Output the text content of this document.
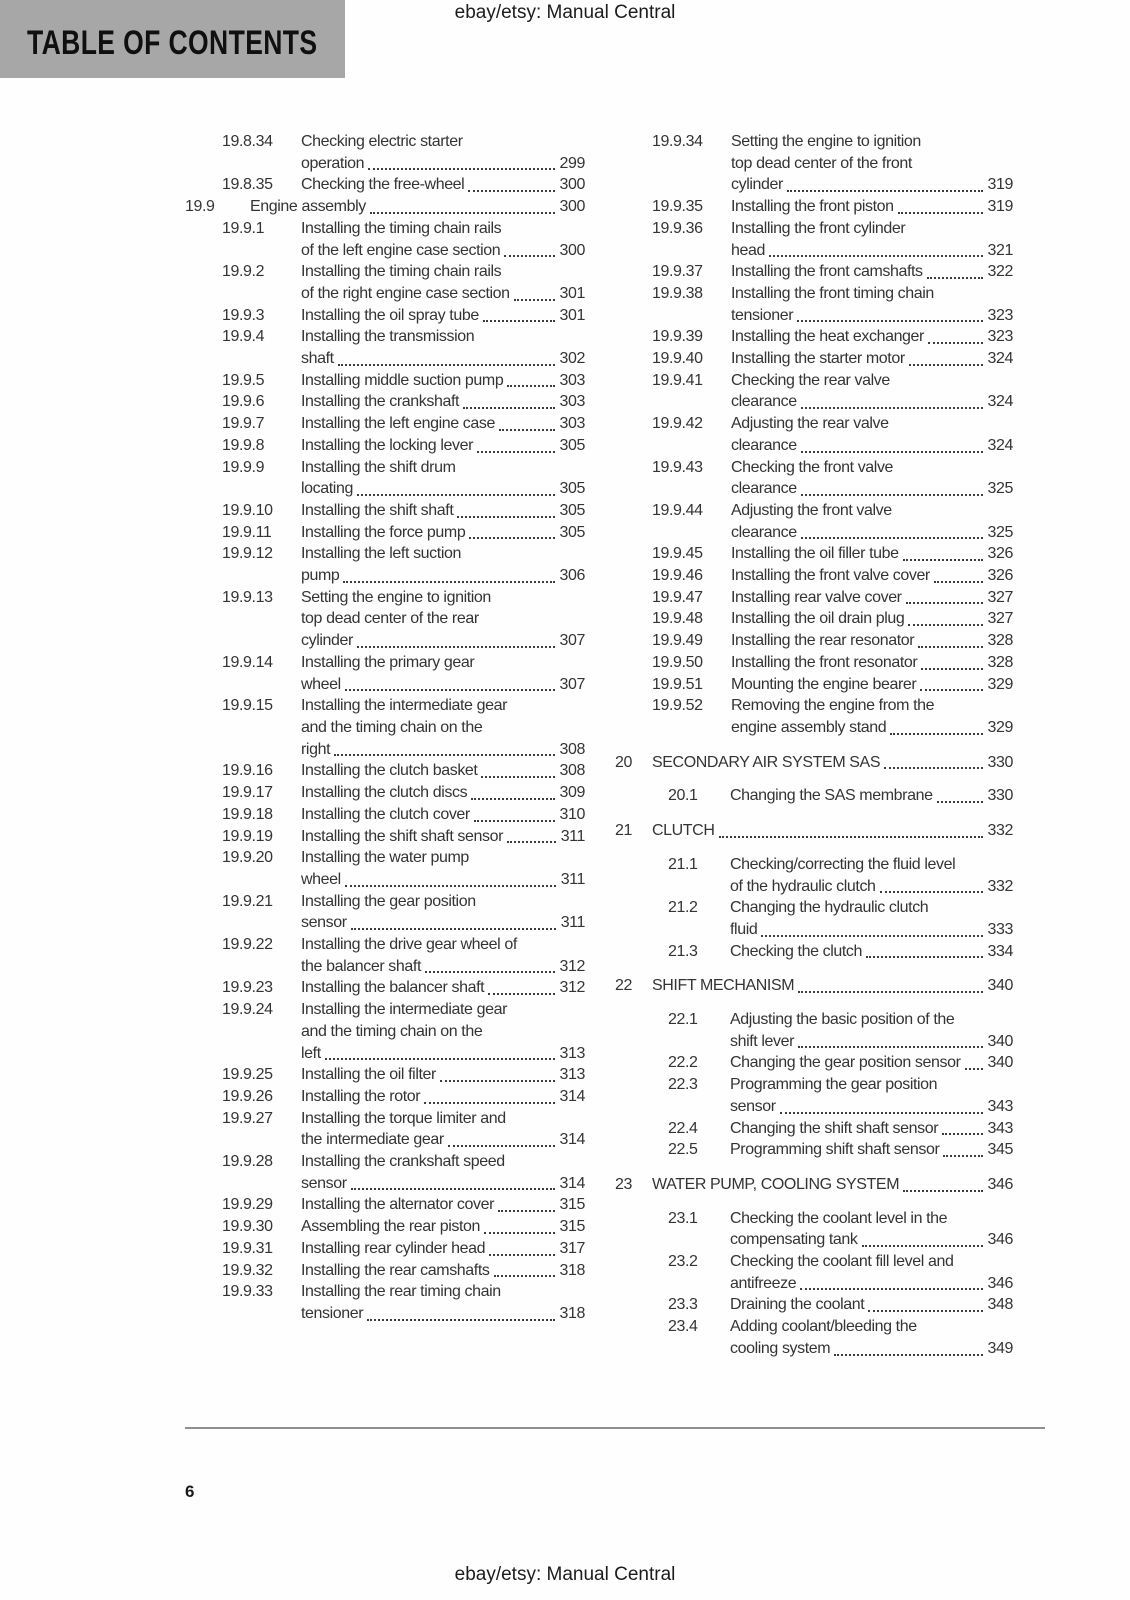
ebay/etsy: Manual Central
TABLE OF CONTENTS
19.8.34	Checking electric starter
operation	299
19.8.35	Checking the free-wheel	300
19.9	Engine assembly	300
19.9.1	Installing the timing chain rails
of the left engine case section	300
19.9.2	Installing the timing chain rails
of the right engine case section	301
19.9.3	Installing the oil spray tube	301
19.9.4	Installing the transmission
shaft	302
19.9.5	Installing middle suction pump	303
19.9.6	Installing the crankshaft	303
19.9.7	Installing the left engine case	303
19.9.8	Installing the locking lever	305
19.9.9	Installing the shift drum
locating	305
19.9.10	Installing the shift shaft	305
19.9.11	Installing the force pump	305
19.9.12	Installing the left suction
pump	306
19.9.13	Setting the engine to ignition
top dead center of the rear
cylinder	307
19.9.14	Installing the primary gear
wheel	307
19.9.15	Installing the intermediate gear
and the timing chain on the
right	308
19.9.16	Installing the clutch basket	308
19.9.17	Installing the clutch discs	309
19.9.18	Installing the clutch cover	310
19.9.19	Installing the shift shaft sensor	311
19.9.20	Installing the water pump
wheel	311
19.9.21	Installing the gear position
sensor	311
19.9.22	Installing the drive gear wheel of
the balancer shaft	312
19.9.23	Installing the balancer shaft	312
19.9.24	Installing the intermediate gear
and the timing chain on the
left	313
19.9.25	Installing the oil filter	313
19.9.26	Installing the rotor	314
19.9.27	Installing the torque limiter and
the intermediate gear	314
19.9.28	Installing the crankshaft speed
sensor	314
19.9.29	Installing the alternator cover	315
19.9.30	Assembling the rear piston	315
19.9.31	Installing rear cylinder head	317
19.9.32	Installing the rear camshafts	318
19.9.33	Installing the rear timing chain
tensioner	318
19.9.34	Setting the engine to ignition
top dead center of the front
cylinder	319
19.9.35	Installing the front piston	319
19.9.36	Installing the front cylinder
head	321
19.9.37	Installing the front camshafts	322
19.9.38	Installing the front timing chain
tensioner	323
19.9.39	Installing the heat exchanger	323
19.9.40	Installing the starter motor	324
19.9.41	Checking the rear valve
clearance	324
19.9.42	Adjusting the rear valve
clearance	324
19.9.43	Checking the front valve
clearance	325
19.9.44	Adjusting the front valve
clearance	325
19.9.45	Installing the oil filler tube	326
19.9.46	Installing the front valve cover	326
19.9.47	Installing rear valve cover	327
19.9.48	Installing the oil drain plug	327
19.9.49	Installing the rear resonator	328
19.9.50	Installing the front resonator	328
19.9.51	Mounting the engine bearer	329
19.9.52	Removing the engine from the
engine assembly stand	329
20	SECONDARY AIR SYSTEM SAS	330
20.1	Changing the SAS membrane	330
21	CLUTCH	332
21.1	Checking/correcting the fluid level
of the hydraulic clutch	332
21.2	Changing the hydraulic clutch
fluid	333
21.3	Checking the clutch	334
22	SHIFT MECHANISM	340
22.1	Adjusting the basic position of the
shift lever	340
22.2	Changing the gear position sensor 340
22.3	Programming the gear position
sensor	343
22.4	Changing the shift shaft sensor	343
22.5	Programming shift shaft sensor	345
23	WATER PUMP, COOLING SYSTEM	346
23.1	Checking the coolant level in the
compensating tank	346
23.2	Checking the coolant fill level and
antifreeze	346
23.3	Draining the coolant	348
23.4	Adding coolant/bleeding the
cooling system	349
6
ebay/etsy: Manual Central
